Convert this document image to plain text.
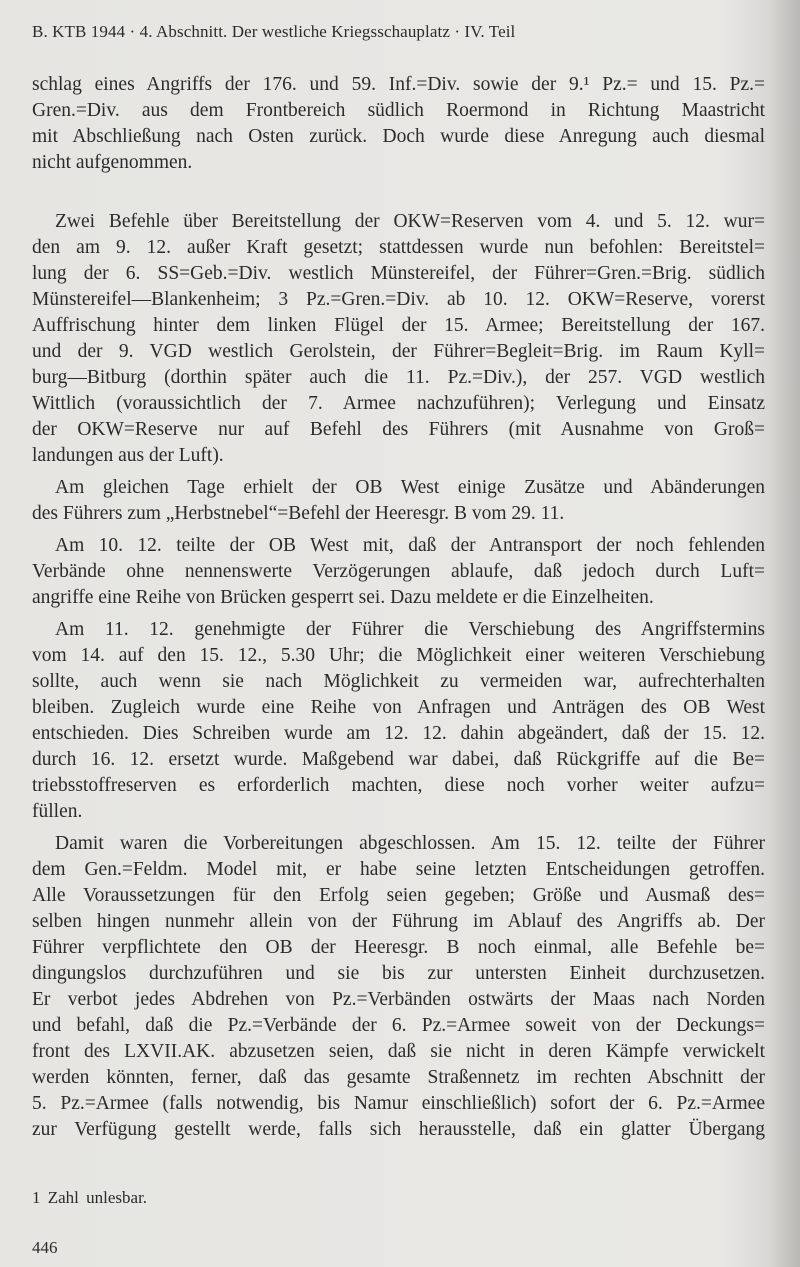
B. KTB 1944 · 4. Abschnitt. Der westliche Kriegsschauplatz · IV. Teil
schlag eines Angriffs der 176. und 59. Inf.=Div. sowie der 9.¹ Pz.= und 15. Pz.=
Gren.=Div. aus dem Frontbereich südlich Roermond in Richtung Maastricht
mit Abschließung nach Osten zurück. Doch wurde diese Anregung auch diesmal
nicht aufgenommen.
Zwei Befehle über Bereitstellung der OKW=Reserven vom 4. und 5. 12. wur=
den am 9. 12. außer Kraft gesetzt; stattdessen wurde nun befohlen: Bereitstel=
lung der 6. SS=Geb.=Div. westlich Münstereifel, der Führer=Gren.=Brig. südlich
Münstereifel—Blankenheim; 3 Pz.=Gren.=Div. ab 10. 12. OKW=Reserve, vorerst
Auffrischung hinter dem linken Flügel der 15. Armee; Bereitstellung der 167.
und der 9. VGD westlich Gerolstein, der Führer=Begleit=Brig. im Raum Kyll=
burg—Bitburg (dorthin später auch die 11. Pz.=Div.), der 257. VGD westlich
Wittlich (voraussichtlich der 7. Armee nachzuführen); Verlegung und Einsatz
der OKW=Reserve nur auf Befehl des Führers (mit Ausnahme von Groß=
landungen aus der Luft).
Am gleichen Tage erhielt der OB West einige Zusätze und Abänderungen
des Führers zum „Herbstnebel“=Befehl der Heeresgr. B vom 29. 11.
Am 10. 12. teilte der OB West mit, daß der Antransport der noch fehlenden
Verbände ohne nennenswerte Verzögerungen ablaufe, daß jedoch durch Luft=
angriffe eine Reihe von Brücken gesperrt sei. Dazu meldete er die Einzelheiten.
Am 11. 12. genehmigte der Führer die Verschiebung des Angriffstermins
vom 14. auf den 15. 12., 5.30 Uhr; die Möglichkeit einer weiteren Verschiebung
sollte, auch wenn sie nach Möglichkeit zu vermeiden war, aufrechterhalten
bleiben. Zugleich wurde eine Reihe von Anfragen und Anträgen des OB West
entschieden. Dies Schreiben wurde am 12. 12. dahin abgeändert, daß der 15. 12.
durch 16. 12. ersetzt wurde. Maßgebend war dabei, daß Rückgriffe auf die Be=
triebsstoffreserven es erforderlich machten, diese noch vorher weiter aufzu=
füllen.
Damit waren die Vorbereitungen abgeschlossen. Am 15. 12. teilte der Führer
dem Gen.=Feldm. Model mit, er habe seine letzten Entscheidungen getroffen.
Alle Voraussetzungen für den Erfolg seien gegeben; Größe und Ausmaß des=
selben hingen nunmehr allein von der Führung im Ablauf des Angriffs ab. Der
Führer verpflichtete den OB der Heeresgr. B noch einmal, alle Befehle be=
dingungslos durchzuführen und sie bis zur untersten Einheit durchzusetzen.
Er verbot jedes Abdrehen von Pz.=Verbänden ostwärts der Maas nach Norden
und befahl, daß die Pz.=Verbände der 6. Pz.=Armee soweit von der Deckungs=
front des LXVII.AK. abzusetzen seien, daß sie nicht in deren Kämpfe verwickelt
werden könnten, ferner, daß das gesamte Straßennetz im rechten Abschnitt der
5. Pz.=Armee (falls notwendig, bis Namur einschließlich) sofort der 6. Pz.=Armee
zur Verfügung gestellt werde, falls sich herausstelle, daß ein glatter Übergang
1 Zahl unlesbar.
446
